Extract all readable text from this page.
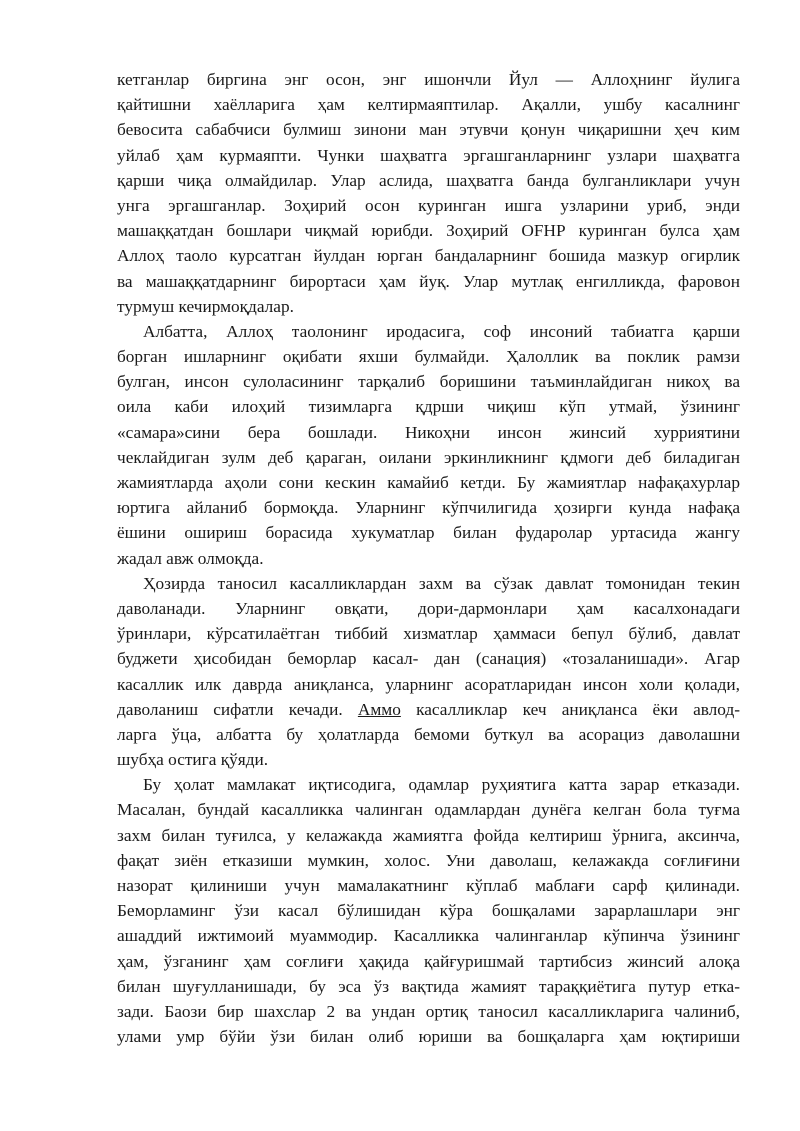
кетганлар биргина энг осон, энг ишончли Йул — Аллоҳнинг йулига
қайтишни хаёлларига ҳам келтирмаяптилар. Ақалли, ушбу касалнинг
бевосита сабабчиси булмиш зинони ман этувчи қонун чиқаришни ҳеч ким
уйлаб ҳам курмаяпти. Чунки шаҳватга эргашганларнинг узлари шаҳватга
қарши чиқа олмайдилар. Улар аслида, шаҳватга банда булганликлари учун
унга эргашганлар. Зоҳирий осон куринган ишга узларини уриб, энди
машаққатдан бошлари чиқмай юрибди. Зоҳирий ОFНР куринган булса ҳам
Аллоҳ таоло курсатган йулдан юрган бандаларнинг бошида мазкур огирлик
ва машаққатдарнинг бирортаси ҳам йуқ. Улар мутлақ енгилликда, фаровон
турмуш кечирмоқдалар.
Албатта, Аллоҳ таолонинг иродасига, соф инсоний табиатга қарши
борган ишларнинг оқибати яхши булмайди. Ҳалоллик ва поклик рамзи
булган, инсон сулоласининг тарқалиб боришини таъминлайдиган никоҳ ва
оила каби илоҳий тизимларга қдрши чиқиш кўп утмай, ўзининг
«самара»сини бера бошлади. Никоҳни инсон жинсий хурриятини
чеклайдиган зулм деб қараган, оилани эркинликнинг қдмоги деб биладиган
жамиятларда аҳоли сони кескин камайиб кетди. Бу жамиятлар нафақахурлар
юртига айланиб бормоқда. Уларнинг кўпчилигида ҳозирги кунда нафақа
ёшини ошириш борасида хукуматлар билан фударолар уртасида жангу
жадал авж олмоқда.
Ҳозирда таносил касалликлардан захм ва сўзак давлат томонидан текин
даволанади. Уларнинг овқати, дори-дармонлари ҳам касалхонадаги
ўринлари, кўрсатилаётган тиббий хизматлар ҳаммаси бепул бўлиб, давлат
буджети ҳисобидан беморлар касал- дан (санация) «тозаланишади». Агар
касаллик илк даврда аниқланса, уларнинг асоратларидан инсон холи қолади,
даволаниш сифатли кечади. Аммо касалликлар кеч аниқланса ёки авлод-
ларга ўца, албатта бу ҳолатларда бемоми буткул ва асорациз даволашни
шубҳа остига қўяди.
Бу ҳолат мамлакат иқтисодига, одамлар руҳиятига катта зарар етказади.
Масалан, бундай касалликка чалинган одамлардан дунёга келган бола туғма
захм билан туғилса, у келажакда жамиятга фойда келтириш ўрнига, аксинча,
фақат зиён етказиши мумкин, холос. Уни даволаш, келажакда соғлиғини
назорат қилиниши учун мамалакатнинг кўплаб маблағи сарф қилинади.
Беморламинг ўзи касал бўлишидан кўра бошқалами зарарлашлари энг
ашаддий ижтимоий муаммодир. Касалликка чалинганлар кўпинча ўзининг
ҳам, ўзганинг ҳам соғлиғи ҳақида қайғуришмай тартибсиз жинсий алоқа
билан шуғулланишади, бу эса ўз вақтида жамият тараққиётига путур етка-
зади. Баози бир шахслар 2 ва ундан ортиқ таносил касалликларига чалиниб,
улами умр бўйи ўзи билан олиб юриши ва бошқаларга ҳам юқтириши
